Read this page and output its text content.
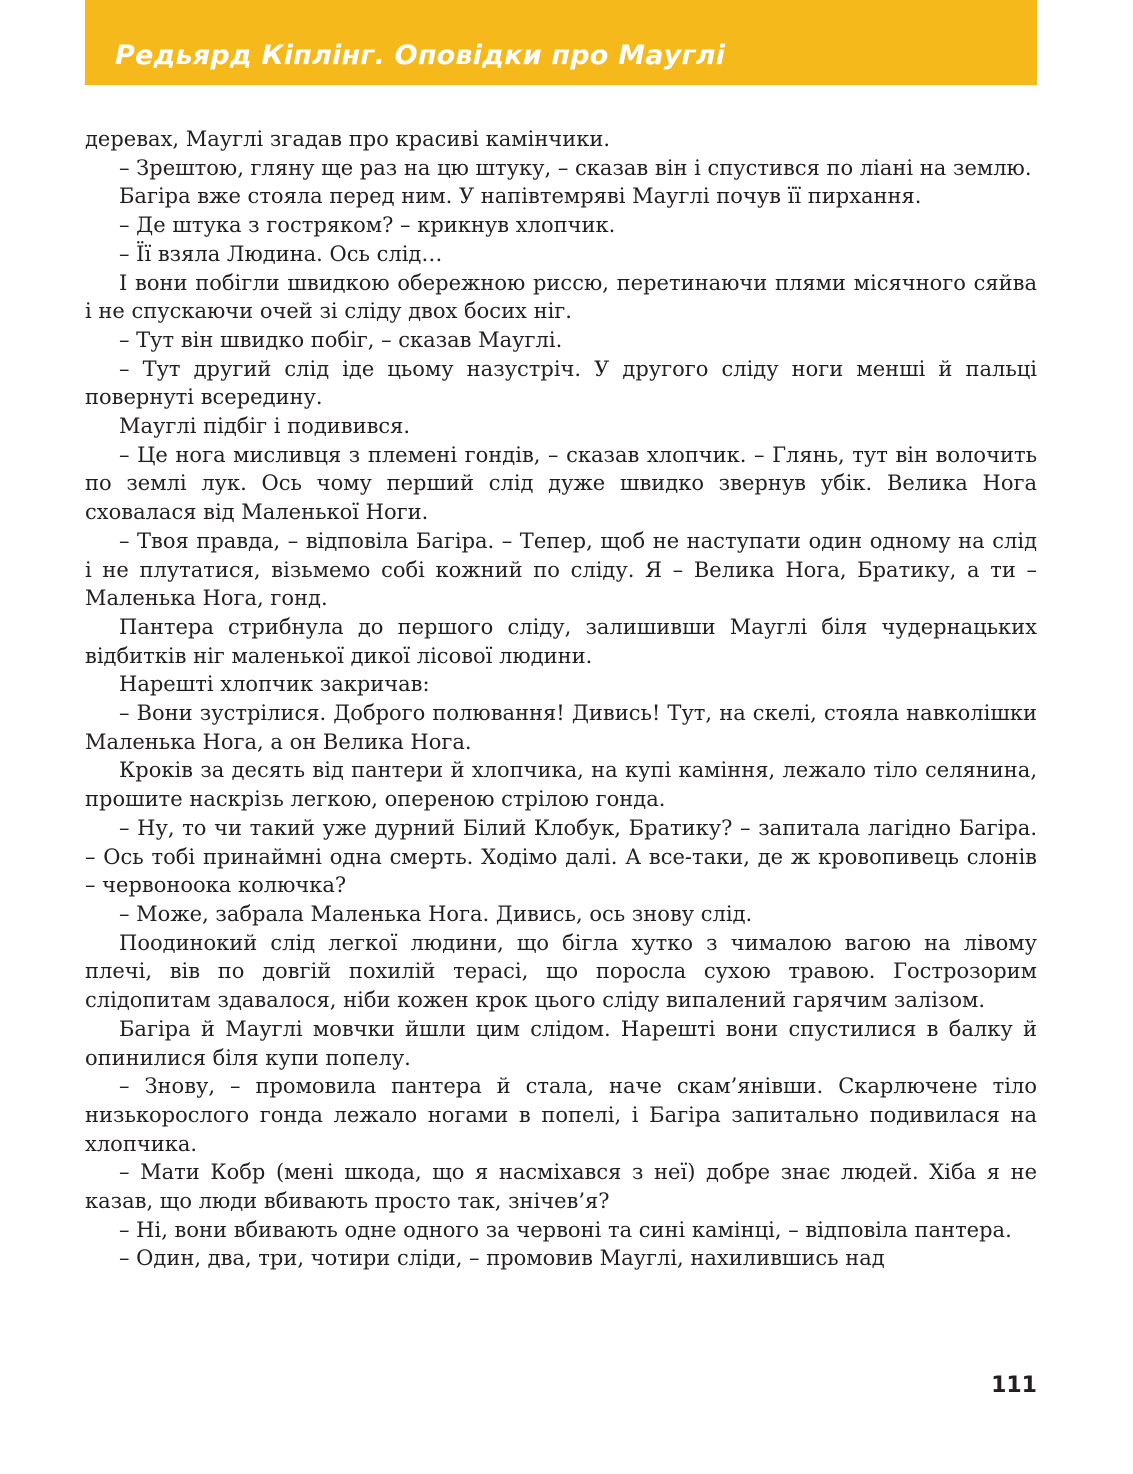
Редьярд Кіплінг. Оповідки про Мауглі

деревах, Мауглі згадав про красиві камінчики.

– Зрештою, гляну ще раз на цю штуку, – сказав він і спустився по ліані на землю.

Багіра вже стояла перед ним. У напівтемряві Мауглі почув її пирхання.

– Де штука з гостряком? – крикнув хлопчик.

– Її взяла Людина. Ось слід…

І вони побігли швидкою обережною риссю, перетинаючи плями місячного сяйва і не спускаючи очей зі сліду двох босих ніг.

– Тут він швидко побіг, – сказав Мауглі.

– Тут другий слід іде цьому назустріч. У другого сліду ноги менші й пальці повернуті всередину.

Мауглі підбіг і подивився.

– Це нога мисливця з племені гондів, – сказав хлопчик. – Глянь, тут він волочить по землі лук. Ось чому перший слід дуже швидко звернув убік. Велика Нога сховалася від Маленької Ноги.

– Твоя правда, – відповіла Багіра. – Тепер, щоб не наступати один одному на слід і не плутатися, візьмемо собі кожний по сліду. Я – Велика Нога, Братику, а ти – Маленька Нога, гонд.

Пантера стрибнула до першого сліду, залишивши Мауглі біля чудернацьких відбитків ніг маленької дикої лісової людини.

Нарешті хлопчик закричав:

– Вони зустрілися. Доброго полювання! Дивись! Тут, на скелі, стояла навколішки Маленька Нога, а он Велика Нога.

Кроків за десять від пантери й хлопчика, на купі каміння, лежало тіло селянина, прошите наскрізь легкою, опереною стрілою гонда.

– Ну, то чи такий уже дурний Білий Клобук, Братику? – запитала лагідно Багіра. – Ось тобі принаймні одна смерть. Ходімо далі. А все-таки, де ж кровопивець слонів – червоноока колючка?

– Може, забрала Маленька Нога. Дивись, ось знову слід.

Поодинокий слід легкої людини, що бігла хутко з чималою вагою на лівому плечі, вів по довгій похилій терасі, що поросла сухою травою. Гострозорим слідопитам здавалося, ніби кожен крок цього сліду випалений гарячим залізом.

Багіра й Мауглі мовчки йшли цим слідом. Нарешті вони спустилися в балку й опинилися біля купи попелу.

– Знову, – промовила пантера й стала, наче скам’янівши. Скарлючене тіло низькорослого гонда лежало ногами в попелі, і Багіра запитально подивилася на хлопчика.

– Мати Кобр (мені шкода, що я насміхався з неї) добре знає людей. Хіба я не казав, що люди вбивають просто так, знічев’я?

– Ні, вони вбивають одне одного за червоні та сині камінці, – відповіла пантера.

– Один, два, три, чотири сліди, – промовив Мауглі, нахилившись над

111
